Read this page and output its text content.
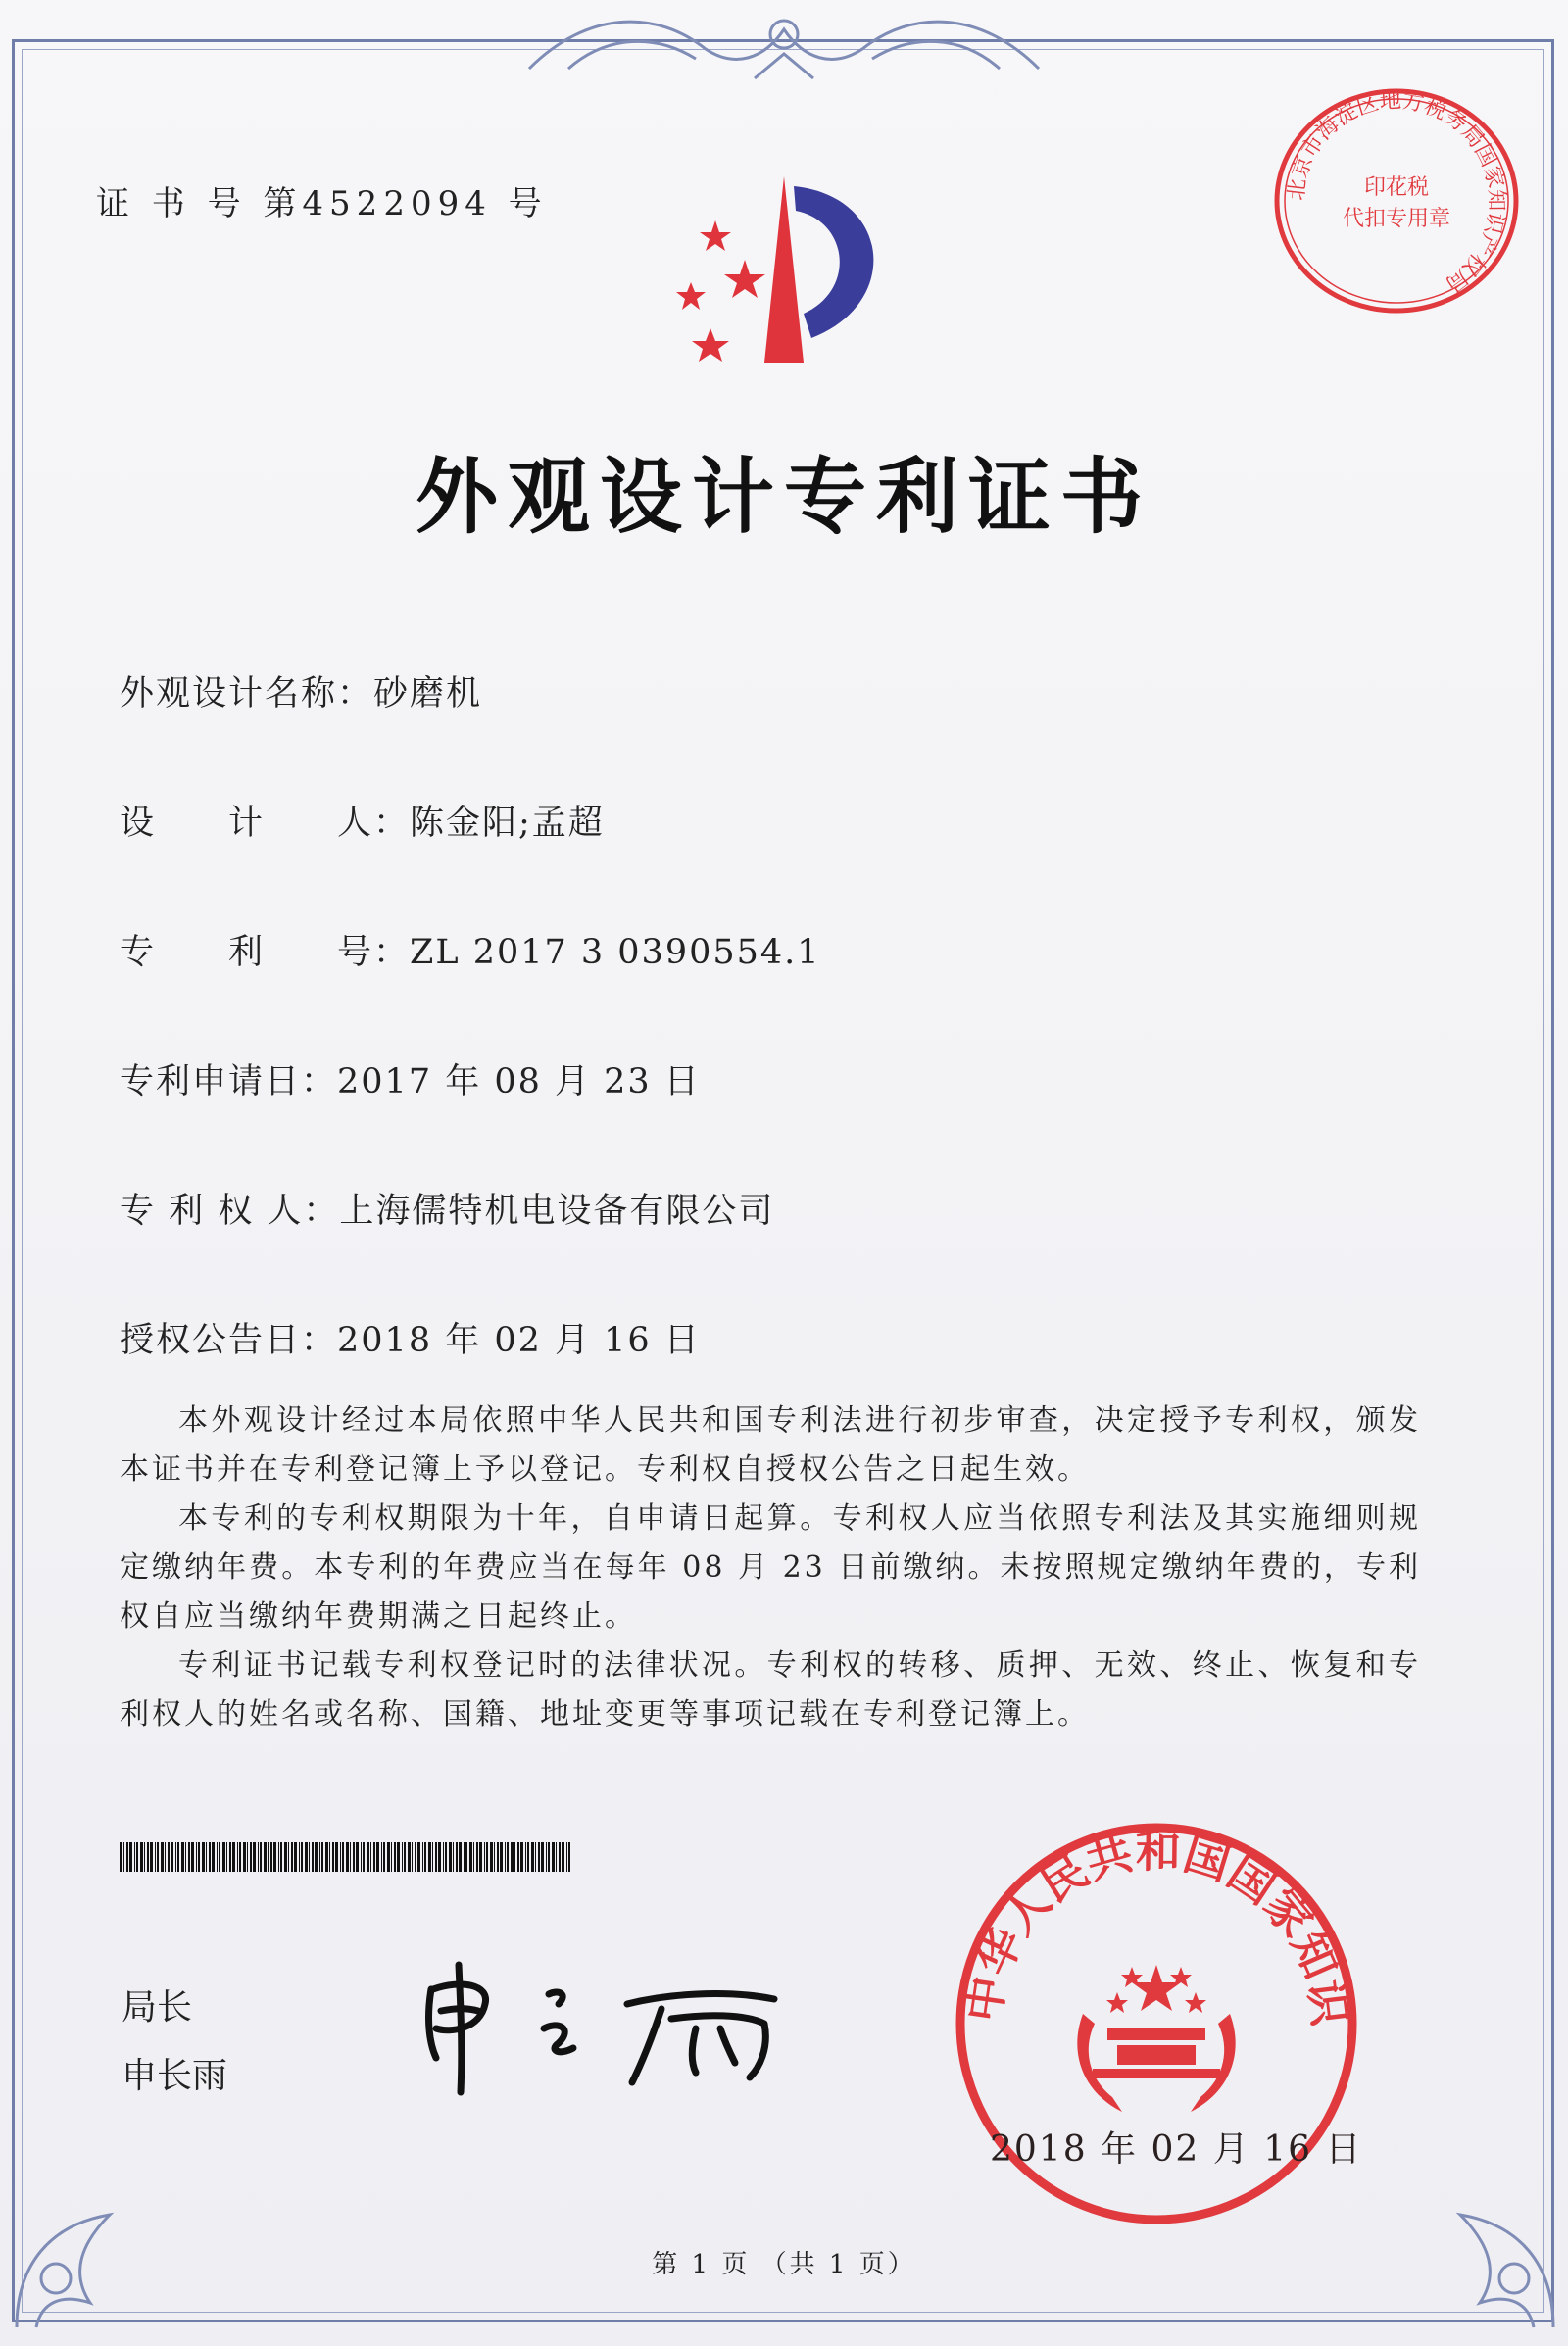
证 书 号 第4522094 号	北京市海淀区地方税务局国家知识产权局
印花税
代扣专用章
外观设计专利证书
外观设计名称：砂磨机
设　　计　　人：陈金阳;孟超
专　　利　　号：ZL 2017 3 0390554.1
专利申请日：2017 年 08 月 23 日
专 利 权 人：上海儒特机电设备有限公司
授权公告日：2018 年 02 月 16 日

本外观设计经过本局依照中华人民共和国专利法进行初步审查，决定授予专利权，颁发本证书并在专利登记簿上予以登记。专利权自授权公告之日起生效。

本专利的专利权期限为十年，自申请日起算。专利权人应当依照专利法及其实施细则规定缴纳年费。本专利的年费应当在每年 08 月 23 日前缴纳。未按照规定缴纳年费的，专利权自应当缴纳年费期满之日起终止。

专利证书记载专利权登记时的法律状况。专利权的转移、质押、无效、终止、恢复和专利权人的姓名或名称、国籍、地址变更等事项记载在专利登记簿上。

局长
申长雨
中华人民共和国国家知识
2018 年 02 月 16 日
第 1 页 （共 1 页）
